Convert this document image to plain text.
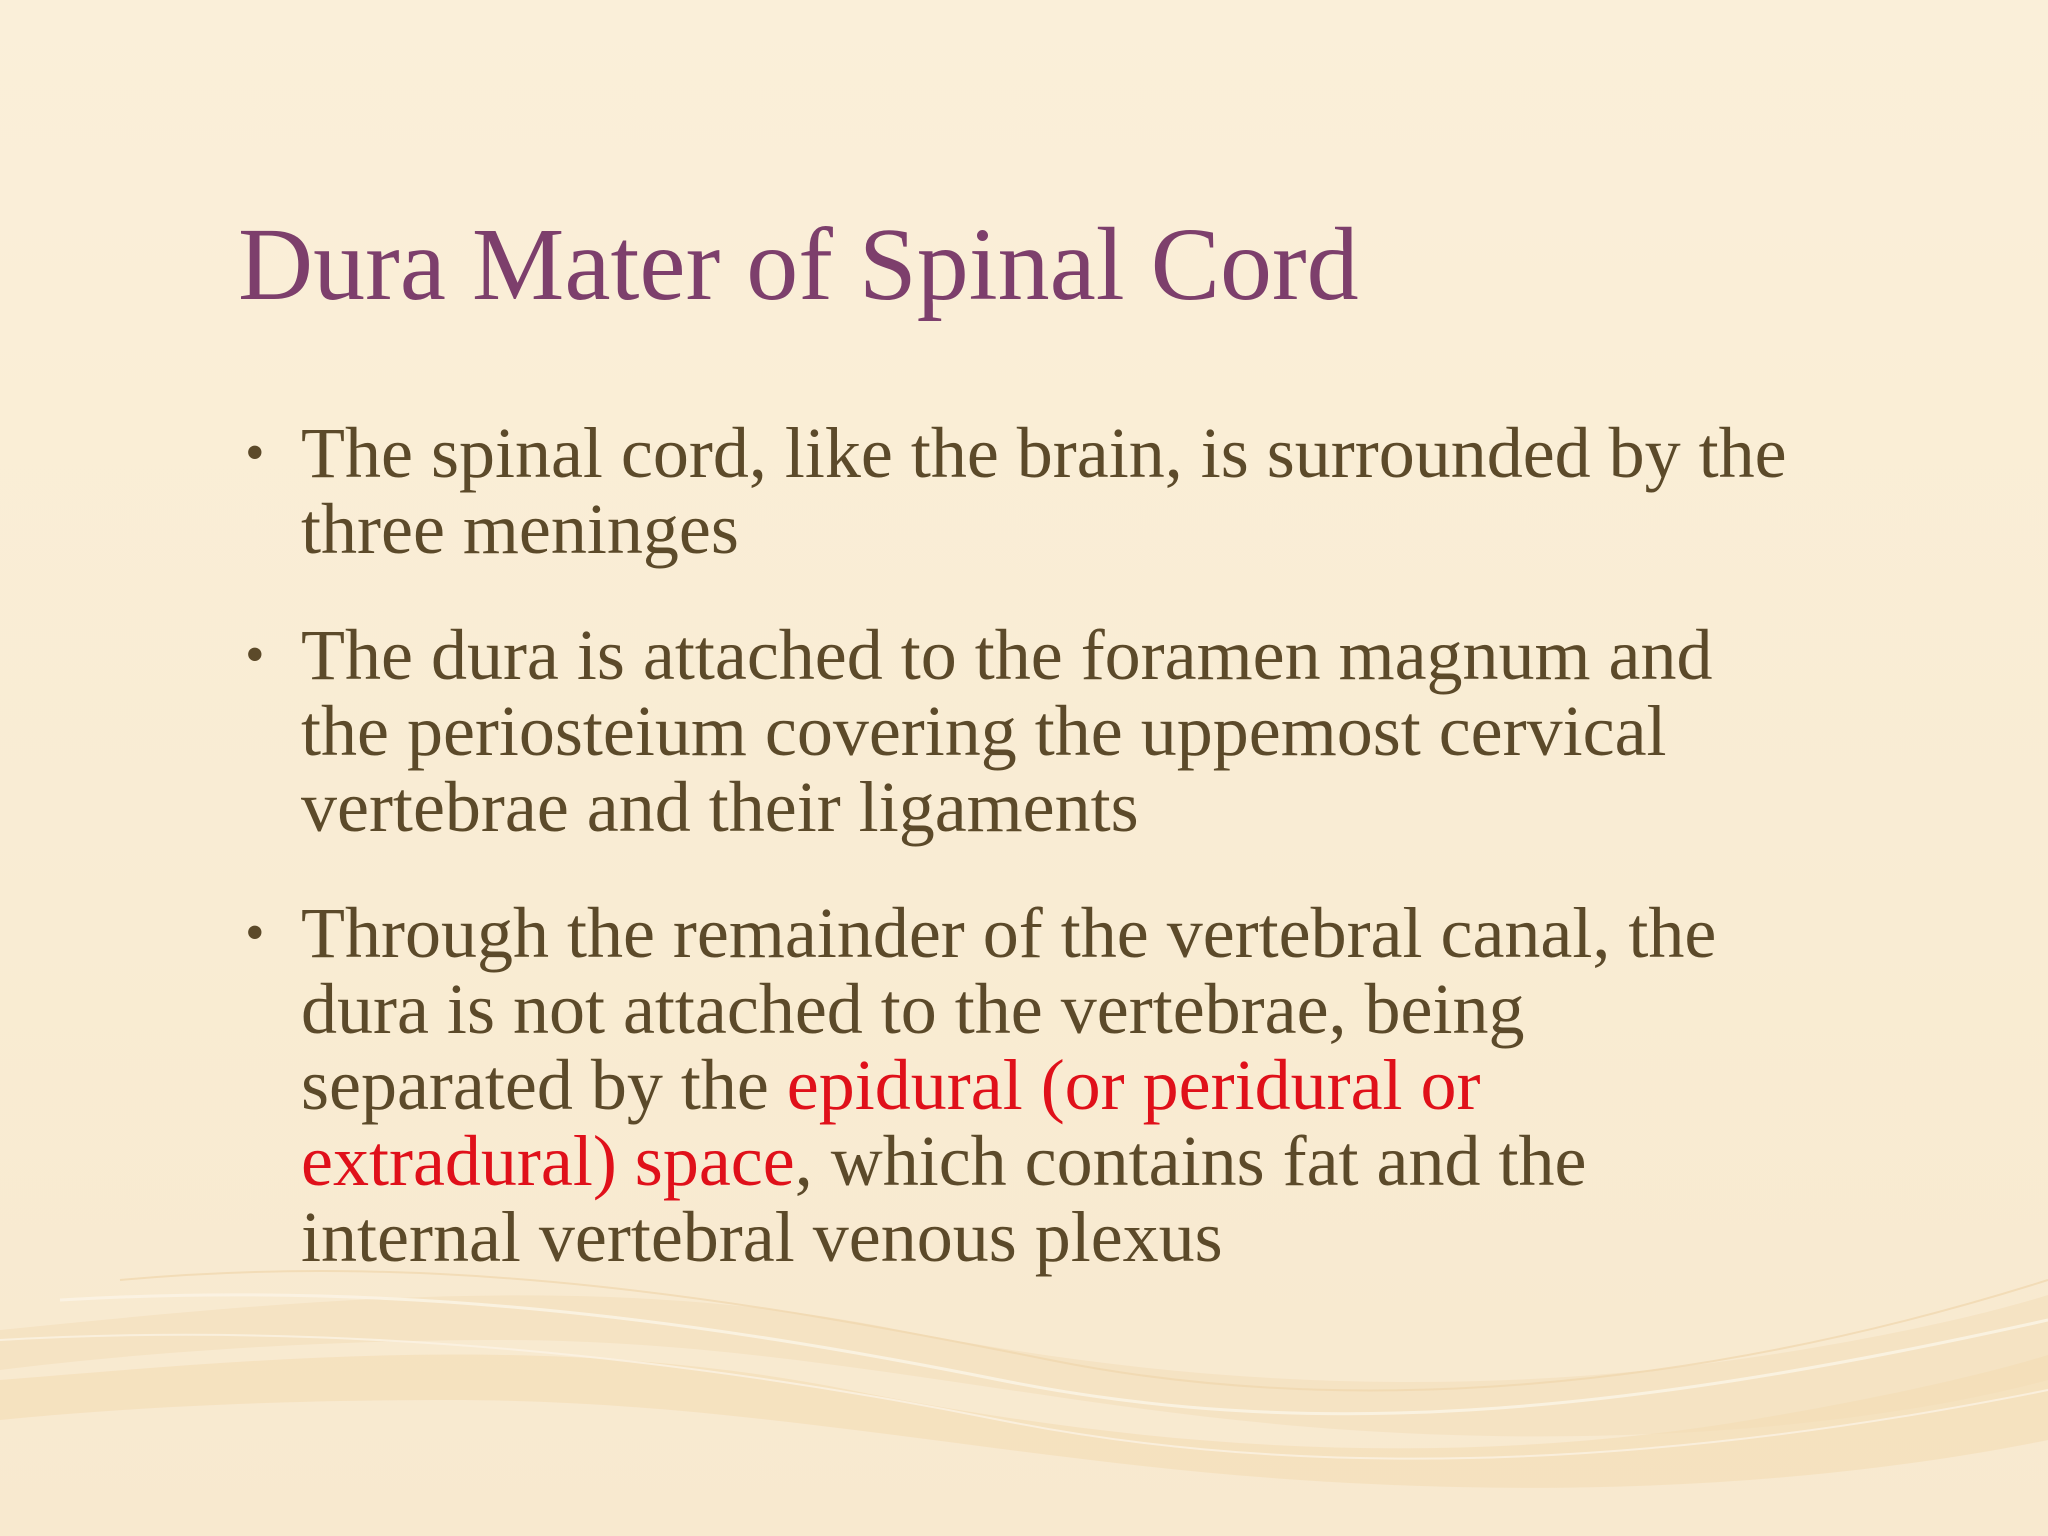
Dura Mater of Spinal Cord
• The spinal cord, like the brain, is surrounded by the three meninges
• The dura is attached to the foramen magnum and the periosteium covering the uppemost cervical vertebrae and their ligaments
• Through the remainder of the vertebral canal, the dura is not attached to the vertebrae, being separated by the epidural (or peridural or extradural) space, which contains fat and the internal vertebral venous plexus
